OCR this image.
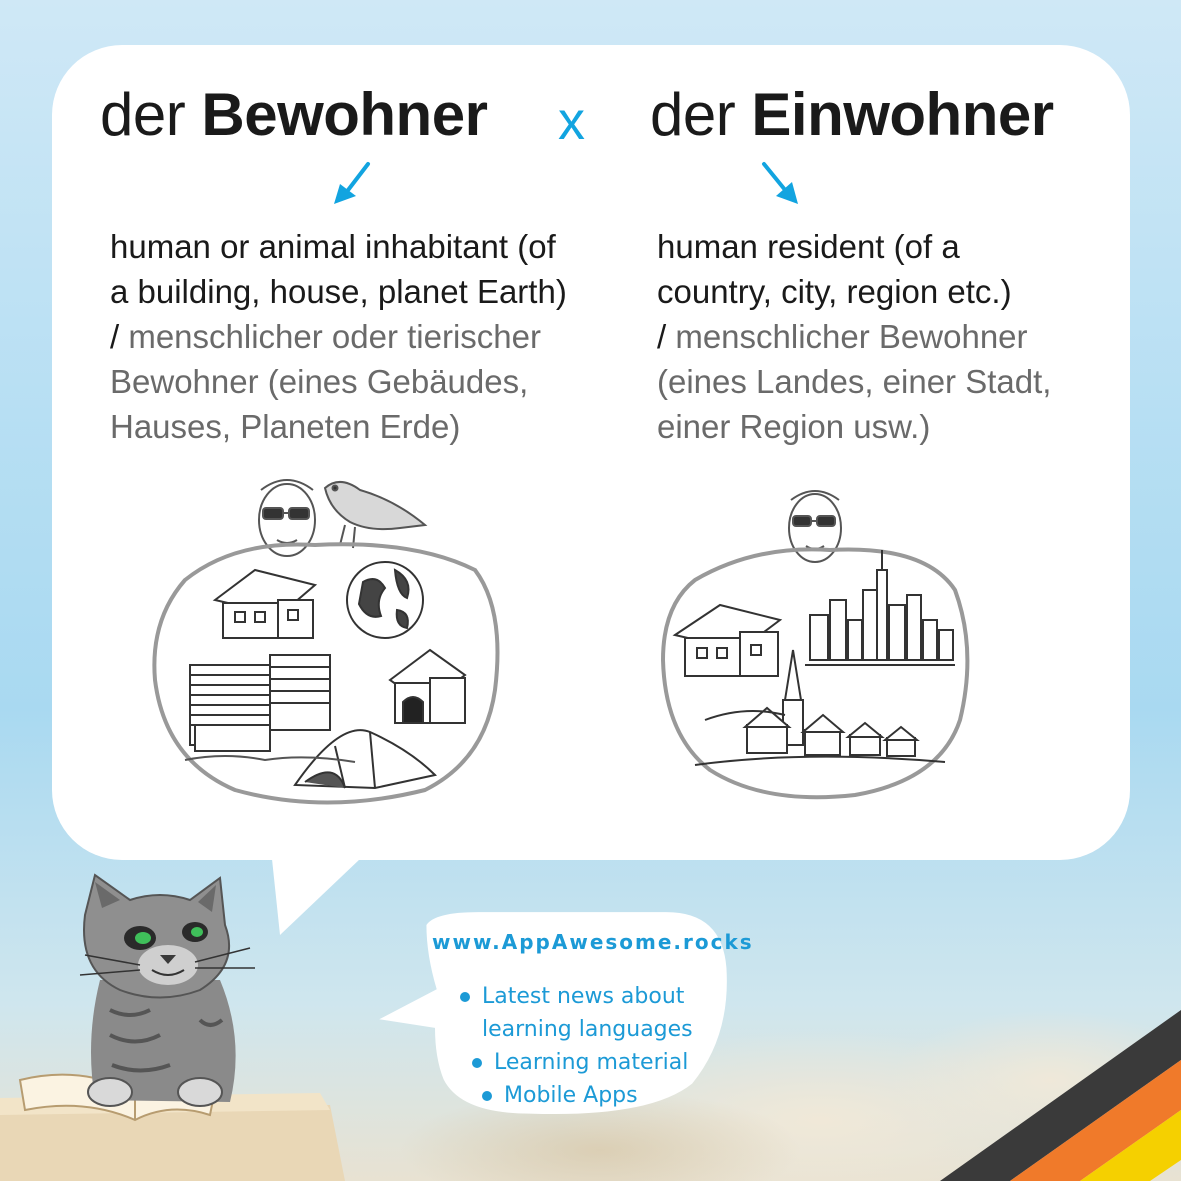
der Bewohner x der Einwohner
human or animal inhabitant (of a building, house, planet Earth)
/ menschlicher oder tierischer Bewohner (eines Gebäudes, Hauses, Planeten Erde)
human resident (of a country, city, region etc.)
/ menschlicher Bewohner (eines Landes, einer Stadt, einer Region usw.)
www.AppAwesome.rocks
Latest news about
learning languages
Learning material
Mobile Apps
